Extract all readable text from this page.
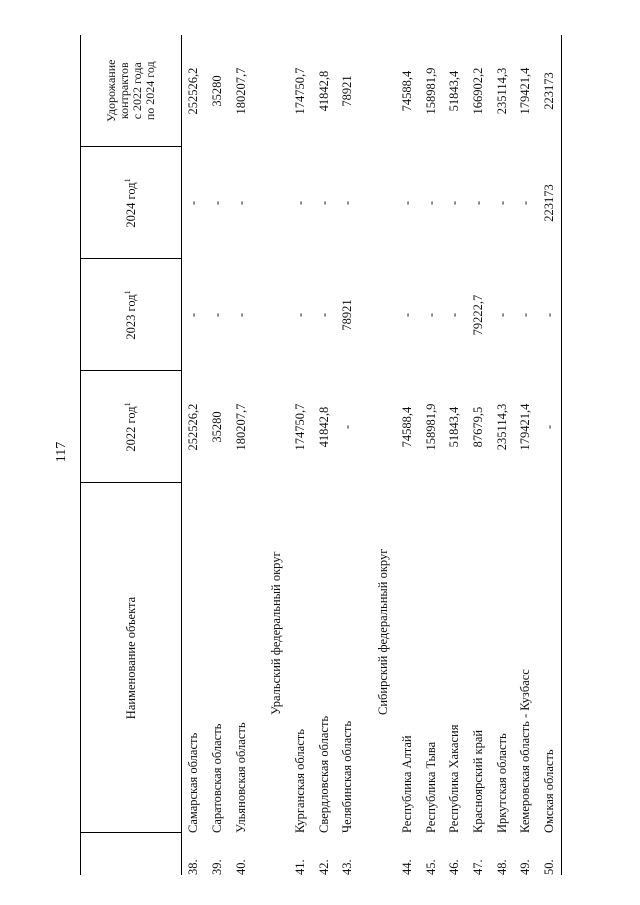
117
	Наименование объекта	2022 год$^1$	2023 год$^1$	2024 год$^1$	Удорожание
контрактов
с 2022 года
по 2024 год
38.	Самарская область	252526,2	-	-	252526,2
39.	Саратовская область	35280	-	-	35280
40.	Ульяновская область	180207,7	-	-	180207,7

Уральский федеральный округ					
41.	Курганская область	174750,7	-	-	174750,7
42.	Свердловская область	41842,8	-	-	41842,8
43.	Челябинская область	-	78921	-	78921

Сибирский федеральный округ					
44.	Республика Алтай	74588,4	-	-	74588,4
45.	Республика Тыва	158981,9	-	-	158981,9
46.	Республика Хакасия	51843,4	-	-	51843,4
47.	Красноярский край	87679,5	79222,7	-	166902,2
48.	Иркутская область	235114,3	-	-	235114,3
49.	Кемеровская область - Кузбасс	179421,4	-	-	179421,4
50.	Омская область	-	-	223173	223173
